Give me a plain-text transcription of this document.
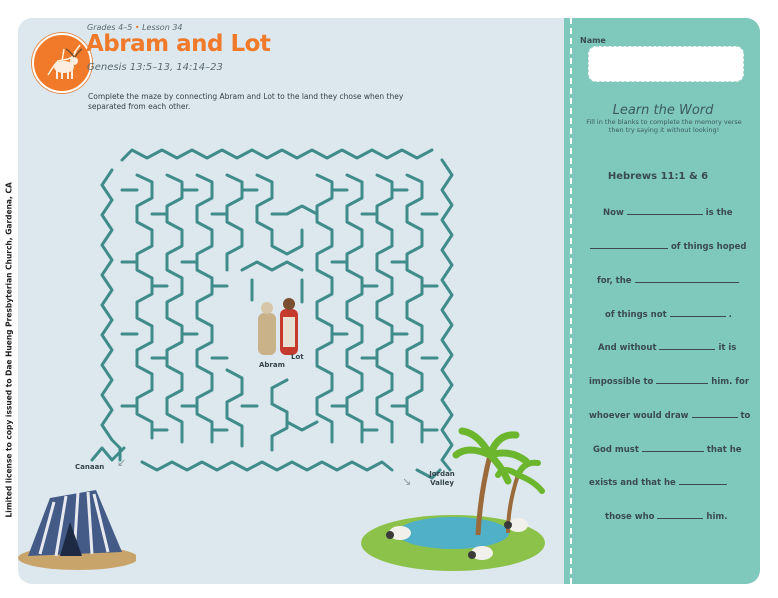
Limited license to copy issued to Dae Hueng Presbyterian Church, Gardena, CA
Grades 4–5 • Lesson 34
Abram and Lot
Genesis 13:5–13, 14:14–23
Complete the maze by connecting Abram and Lot to the land they chose when they separated from each other.
Abram
Lot
Canaan ↙
Jordan Valley
↘
Name
Learn the Word
Fill in the blanks to complete the memory verse then try saying it without looking!
Hebrews 11:1 & 6
Now	is the
of things hoped
for, the
of things not	.
And without	it is
impossible to	him. for
whoever would draw	to
God must	that he
exists and that he
those who	him.
